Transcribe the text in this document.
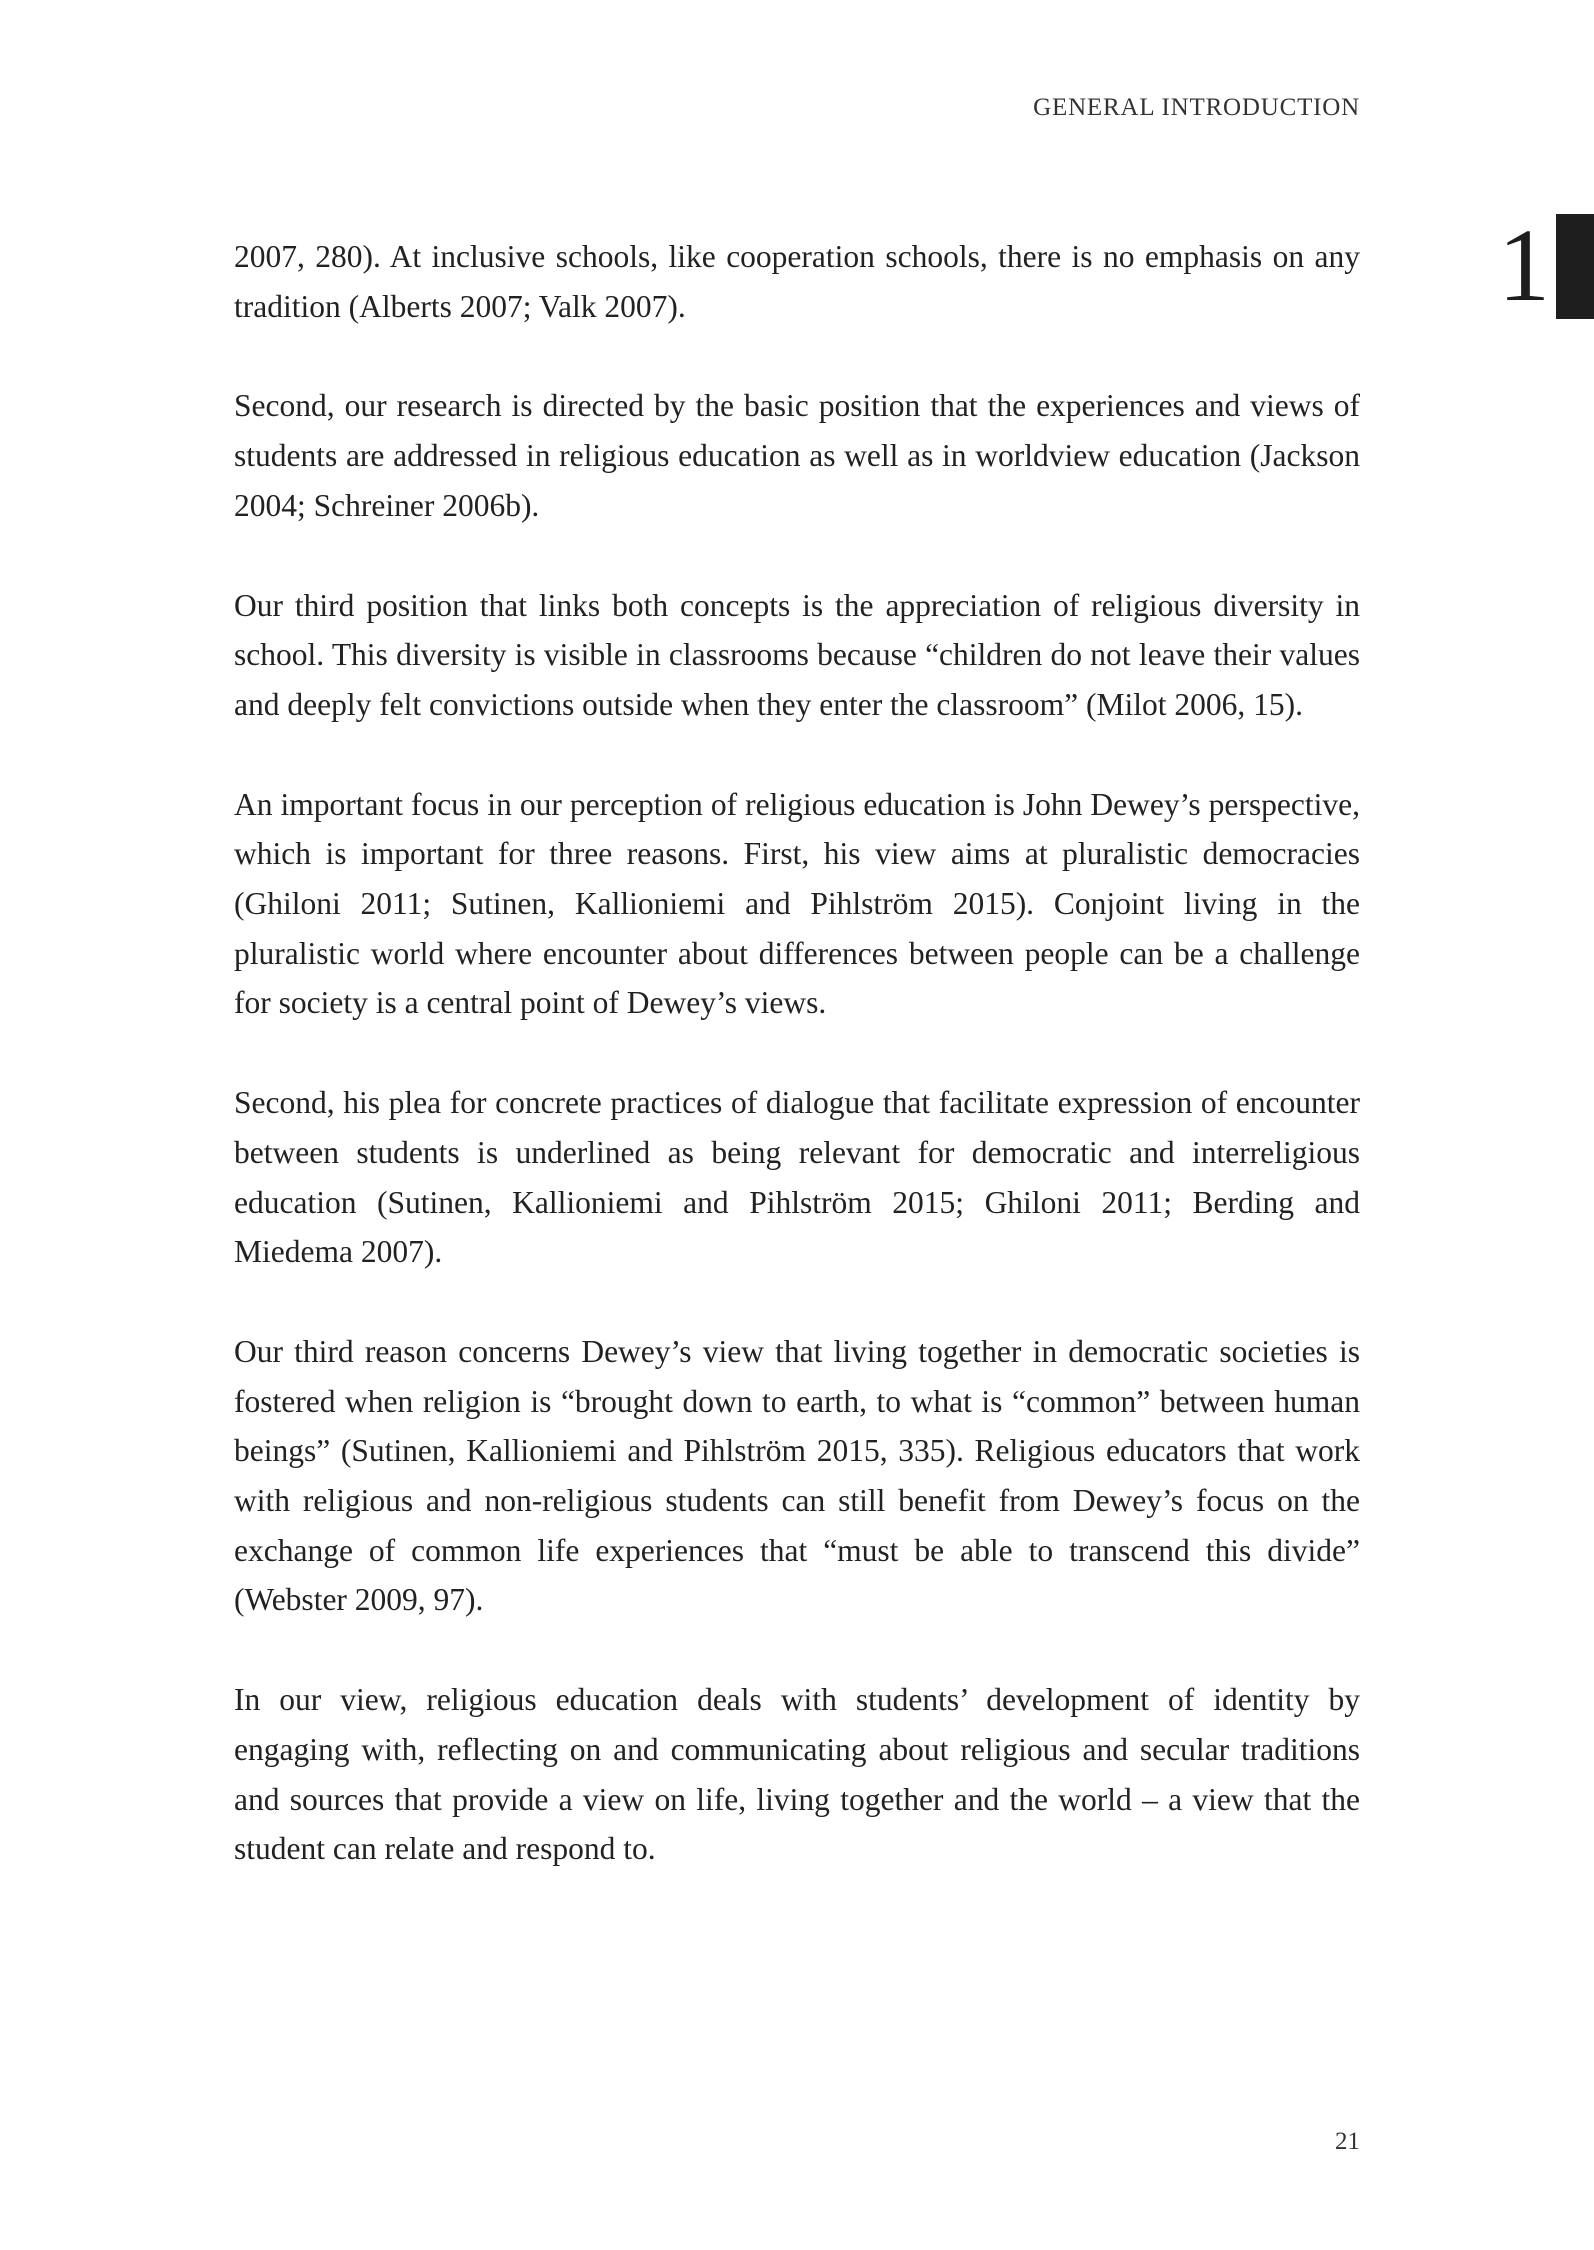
GENERAL INTRODUCTION
1

2007, 280). At inclusive schools, like cooperation schools, there is no emphasis on any tradition (Alberts 2007; Valk 2007).

Second, our research is directed by the basic position that the experiences and views of students are addressed in religious education as well as in worldview education (Jackson 2004; Schreiner 2006b).

Our third position that links both concepts is the appreciation of religious diversity in school. This diversity is visible in classrooms because “children do not leave their values and deeply felt convictions outside when they enter the classroom” (Milot 2006, 15).

An important focus in our perception of religious education is John Dewey’s perspective, which is important for three reasons. First, his view aims at pluralistic democracies (Ghiloni 2011; Sutinen, Kallioniemi and Pihlström 2015). Conjoint living in the pluralistic world where encounter about differences between people can be a challenge for society is a central point of Dewey’s views.

Second, his plea for concrete practices of dialogue that facilitate expression of encounter between students is underlined as being relevant for democratic and interreligious education (Sutinen, Kallioniemi and Pihlström 2015; Ghiloni 2011; Berding and Miedema 2007).

Our third reason concerns Dewey’s view that living together in democratic societies is fostered when religion is “brought down to earth, to what is “common” between human beings” (Sutinen, Kallioniemi and Pihlström 2015, 335). Religious educators that work with religious and non-religious students can still benefit from Dewey’s focus on the exchange of common life experiences that “must be able to transcend this divide” (Webster 2009, 97).

In our view, religious education deals with students’ development of identity by engaging with, reflecting on and communicating about religious and secular traditions and sources that provide a view on life, living together and the world – a view that the student can relate and respond to.

21
